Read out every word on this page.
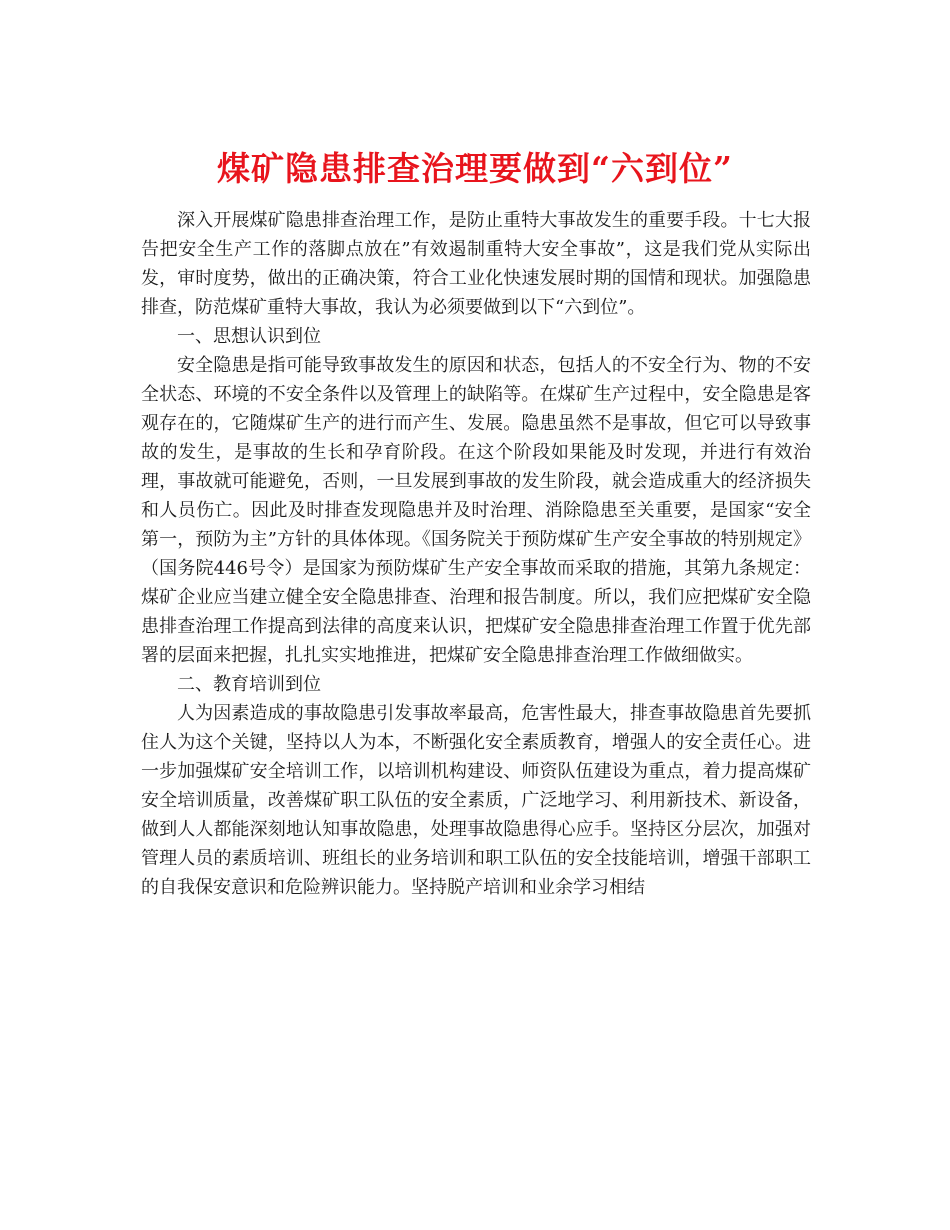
煤矿隐患排查治理要做到“六到位”

深入开展煤矿隐患排查治理工作，是防止重特大事故发生的重要手段。十七大报告把安全生产工作的落脚点放在”有效遏制重特大安全事故”，这是我们党从实际出发，审时度势，做出的正确决策，符合工业化快速发展时期的国情和现状。加强隐患排查，防范煤矿重特大事故，我认为必须要做到以下“六到位”。

一、思想认识到位

安全隐患是指可能导致事故发生的原因和状态，包括人的不安全行为、物的不安全状态、环境的不安全条件以及管理上的缺陷等。在煤矿生产过程中，安全隐患是客观存在的，它随煤矿生产的进行而产生、发展。隐患虽然不是事故，但它可以导致事故的发生，是事故的生长和孕育阶段。在这个阶段如果能及时发现，并进行有效治理，事故就可能避免，否则，一旦发展到事故的发生阶段，就会造成重大的经济损失和人员伤亡。因此及时排查发现隐患并及时治理、消除隐患至关重要，是国家“安全第一，预防为主”方针的具体体现。《国务院关于预防煤矿生产安全事故的特别规定》（国务院446号令）是国家为预防煤矿生产安全事故而采取的措施，其第九条规定：煤矿企业应当建立健全安全隐患排查、治理和报告制度。所以，我们应把煤矿安全隐患排查治理工作提高到法律的高度来认识，把煤矿安全隐患排查治理工作置于优先部署的层面来把握，扎扎实实地推进，把煤矿安全隐患排查治理工作做细做实。

二、教育培训到位

人为因素造成的事故隐患引发事故率最高，危害性最大，排查事故隐患首先要抓住人为这个关键，坚持以人为本，不断强化安全素质教育，增强人的安全责任心。进一步加强煤矿安全培训工作，以培训机构建设、师资队伍建设为重点，着力提高煤矿安全培训质量，改善煤矿职工队伍的安全素质，广泛地学习、利用新技术、新设备，做到人人都能深刻地认知事故隐患，处理事故隐患得心应手。坚持区分层次，加强对管理人员的素质培训、班组长的业务培训和职工队伍的安全技能培训，增强干部职工的自我保安意识和危险辨识能力。坚持脱产培训和业余学习相结
